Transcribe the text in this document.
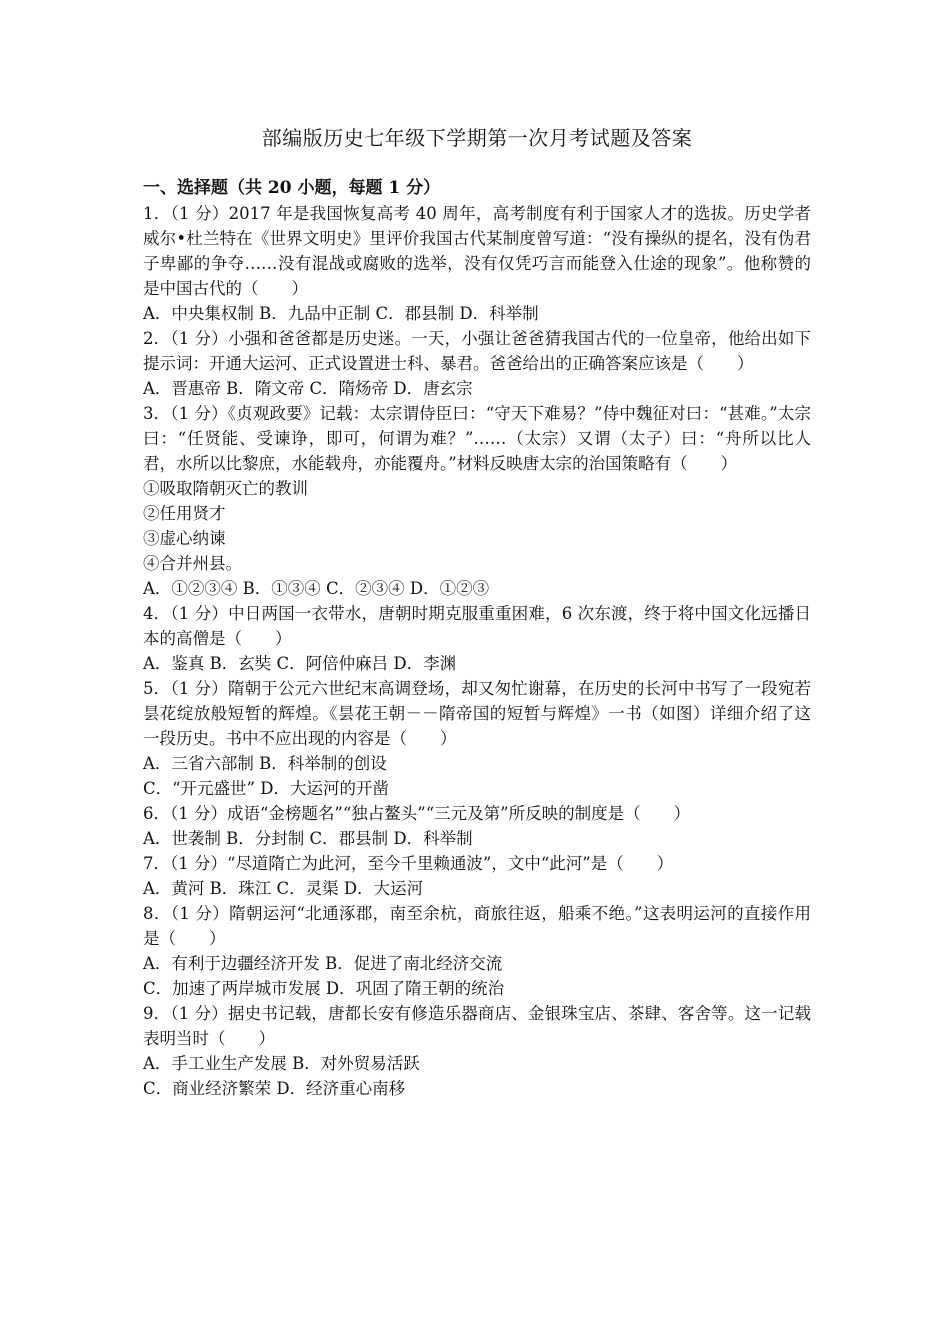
部编版历史七年级下学期第一次月考试题及答案

一、选择题（共 20 小题，每题 1 分）

1．（1 分）2017 年是我国恢复高考 40 周年，高考制度有利于国家人才的选拔。历史学者威尔•杜兰特在《世界文明史》里评价我国古代某制度曾写道：“没有操纵的提名，没有伪君子卑鄙的争夺……没有混战或腐败的选举，没有仅凭巧言而能登入仕途的现象”。他称赞的是中国古代的（　　）

A．中央集权制 B．九品中正制 C．郡县制 D．科举制

2．（1 分）小强和爸爸都是历史迷。一天，小强让爸爸猜我国古代的一位皇帝，他给出如下提示词：开通大运河、正式设置进士科、暴君。爸爸给出的正确答案应该是（　　）

A．晋惠帝 B．隋文帝 C．隋炀帝 D．唐玄宗

3．（1 分）《贞观政要》记载：太宗谓侍臣曰：“守天下难易？”侍中魏征对曰：“甚难。”太宗曰：“任贤能、受谏诤，即可，何谓为难？”……（太宗）又谓（太子）曰：“舟所以比人君，水所以比黎庶，水能载舟，亦能覆舟。”材料反映唐太宗的治国策略有（　　）

①吸取隋朝灭亡的教训

②任用贤才

③虚心纳谏

④合并州县。

A．①②③④ B．①③④ C．②③④ D．①②③

4．（1 分）中日两国一衣带水，唐朝时期克服重重困难，6 次东渡，终于将中国文化远播日本的高僧是（　　）

A．鉴真 B．玄奘 C．阿倍仲麻吕 D．李渊

5．（1 分）隋朝于公元六世纪末高调登场，却又匆忙谢幕，在历史的长河中书写了一段宛若昙花绽放般短暂的辉煌。《昙花王朝－－隋帝国的短暂与辉煌》一书（如图）详细介绍了这一段历史。书中不应出现的内容是（　　）

A．三省六部制 B．科举制的创设

C．“开元盛世” D．大运河的开凿

6．（1 分）成语“金榜题名”“独占鳌头”“三元及第”所反映的制度是（　　）

A．世袭制 B．分封制 C．郡县制 D．科举制

7．（1 分）“尽道隋亡为此河，至今千里赖通波”，文中“此河”是（　　）

A．黄河 B．珠江 C．灵渠 D．大运河

8．（1 分）隋朝运河“北通涿郡，南至余杭，商旅往返，船乘不绝。”这表明运河的直接作用是（　　）

A．有利于边疆经济开发 B．促进了南北经济交流

C．加速了两岸城市发展 D．巩固了隋王朝的统治

9．（1 分）据史书记载，唐都长安有修造乐器商店、金银珠宝店、茶肆、客舍等。这一记载表明当时（　　）

A．手工业生产发展 B．对外贸易活跃

C．商业经济繁荣 D．经济重心南移
